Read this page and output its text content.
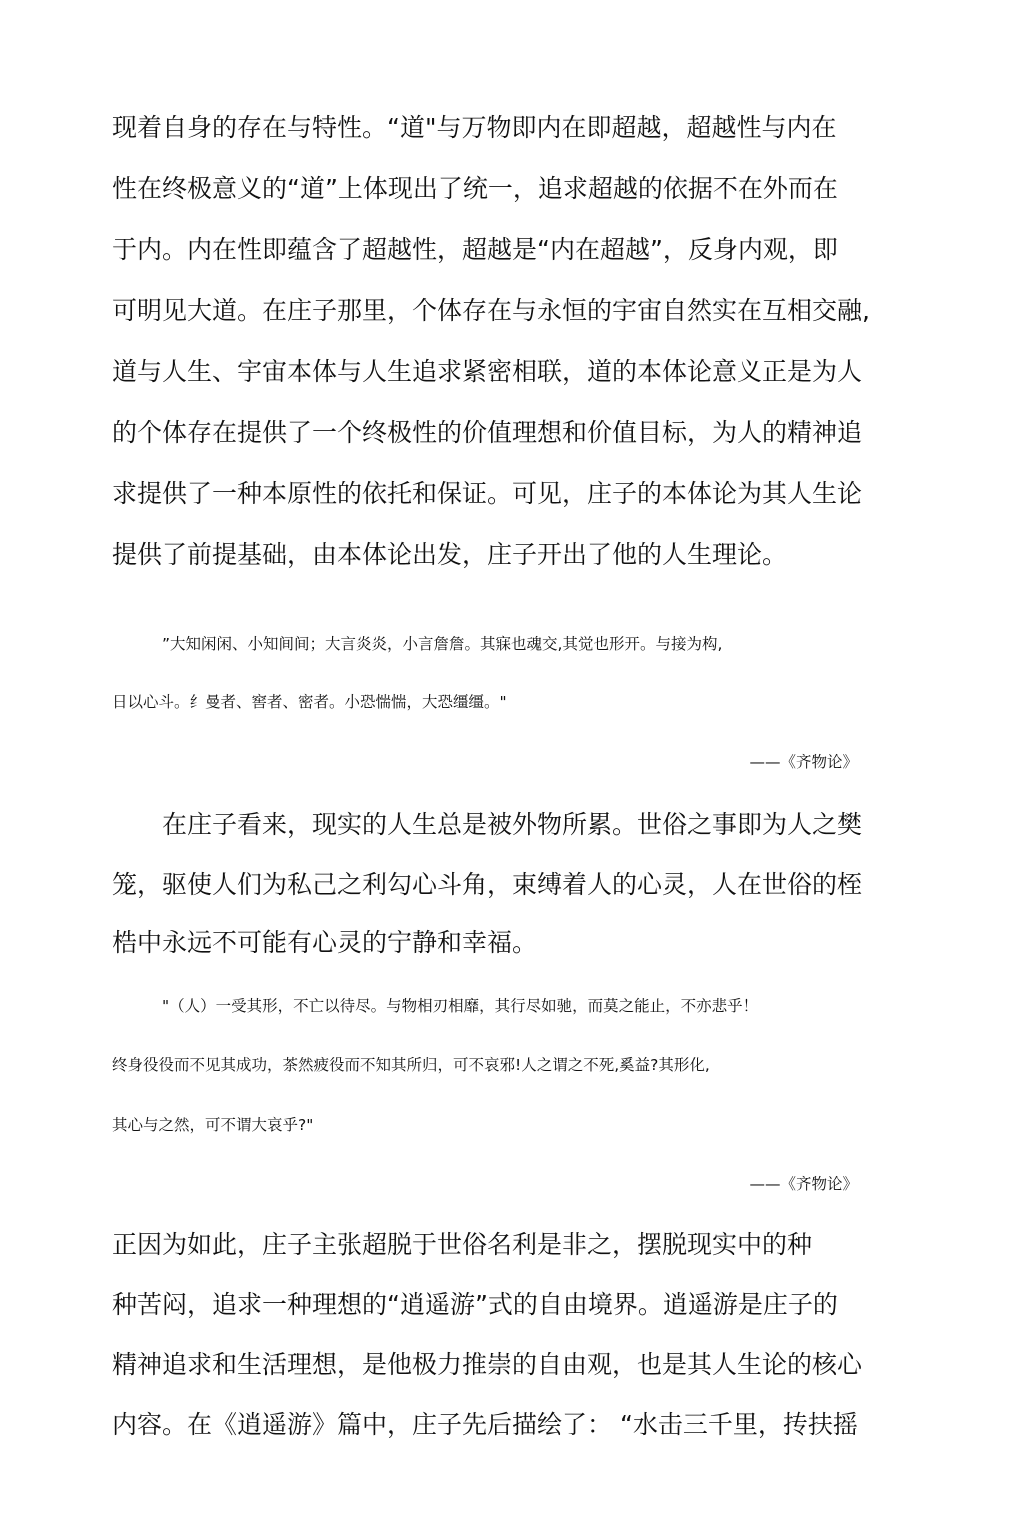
现着自身的存在与特性。“道"与万物即内在即超越，超越性与内在

性在终极意义的“道”上体现出了统一，追求超越的依据不在外而在

于内。内在性即蕴含了超越性，超越是“内在超越”，反身内观，即

可明见大道。在庄子那里，个体存在与永恒的宇宙自然实在互相交融,

道与人生、宇宙本体与人生追求紧密相联，道的本体论意义正是为人

的个体存在提供了一个终极性的价值理想和价值目标，为人的精神追

求提供了一种本原性的依托和保证。可见，庄子的本体论为其人生论

提供了前提基础，由本体论出发，庄子开出了他的人生理论。

”大知闲闲、小知间间；大言炎炎，小言詹詹。其寐也魂交,其觉也形开。与接为构,

日以心斗。纟曼者、窖者、密者。小恐惴惴，大恐缰缰。"

——《齐物论》

在庄子看来，现实的人生总是被外物所累。世俗之事即为人之樊

笼，驱使人们为私己之利勾心斗角，束缚着人的心灵，人在世俗的桎

梏中永远不可能有心灵的宁静和幸福。

"（人）一受其形，不亡以待尽。与物相刃相靡，其行尽如驰，而莫之能止，不亦悲乎！

终身役役而不见其成功，茶然疲役而不知其所归，可不哀邪!人之谓之不死,奚益?其形化,

其心与之然，可不谓大哀乎?"

——《齐物论》

正因为如此，庄子主张超脱于世俗名利是非之，摆脱现实中的种

种苦闷，追求一种理想的“逍遥游”式的自由境界。逍遥游是庄子的

精神追求和生活理想，是他极力推崇的自由观，也是其人生论的核心

内容。在《逍遥游》篇中，庄子先后描绘了： “水击三千里，抟扶摇
